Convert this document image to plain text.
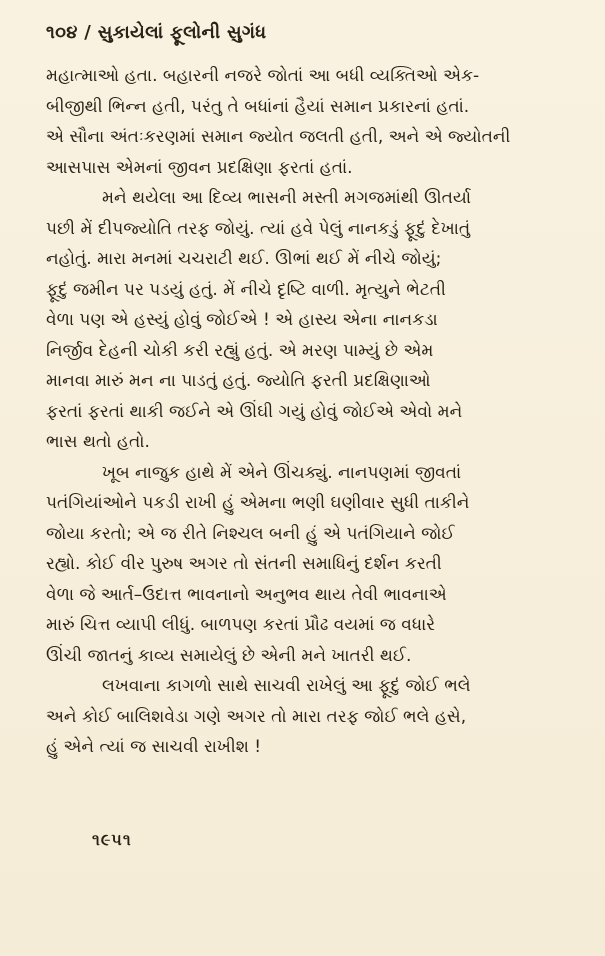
૧૦૪ / સુકાયેલાં ફૂલોની સુગંધ

મહાત્માઓ હતા. બહારની નજરે જોતાં આ બધી વ્યક્તિઓ એક-
બીજીથી ભિન્ન હતી, પરંતુ તે બધાંનાં હૈયાં સમાન પ્રકારનાં હતાં.
એ સૌના અંતઃકરણમાં સમાન જ્યોત જલતી હતી, અને એ જ્યોતની
આસપાસ એમનાં જીવન પ્રદક્ષિણા ફરતાં હતાં.

મને થયેલા આ દિવ્ય ભાસની મસ્તી મગજમાંથી ઊતર્યા
પછી મેં દીપજ્યોતિ તરફ જોયું. ત્યાં હવે પેલું નાનકડું ફૂદું દેખાતું
નહોતું. મારા મનમાં ચચરાટી થઈ. ઊભાં થઈ મેં નીચે જોયું;
ફૂદું જમીન પર પડયું હતું. મેં નીચે દૃષ્ટિ વાળી. મૃત્યુને ભેટતી
વેળા પણ એ હસ્યું હોવું જોઈએ ! એ હાસ્ય એના નાનકડા
નિર્જીવ દેહની ચોકી કરી રહ્યું હતું. એ મરણ પામ્યું છે એમ
માનવા મારું મન ના પાડતું હતું. જ્યોતિ ફરતી પ્રદક્ષિણાઓ
ફરતાં ફરતાં થાકી જઈને એ ઊંઘી ગયું હોવું જોઈએ એવો મને
ભાસ થતો હતો.

ખૂબ નાજુક હાથે મેં એને ઊંચક્યું. નાનપણમાં જીવતાં
પતંગિયાંઓને પકડી રાખી હું એમના ભણી ઘણીવાર સુધી તાકીને
જોયા કરતો; એ જ રીતે નિશ્ચલ બની હું એ પતંગિયાને જોઈ
રહ્યો. કોઈ વીર પુરુષ અગર તો સંતની સમાધિનું દર્શન કરતી
વેળા જે આર્ત–ઉદાત્ત ભાવનાનો અનુભવ થાય તેવી ભાવનાએ
મારું ચિત્ત વ્યાપી લીધું. બાળપણ કરતાં પ્રૌઢ વયમાં જ વધારે
ઊંચી જાતનું કાવ્ય સમાયેલું છે એની મને ખાતરી થઈ.

લખવાના કાગળો સાથે સાચવી રાખેલું આ ફૂદું જોઈ ભલે
અને કોઈ બાલિશવેડા ગણે અગર તો મારા તરફ જોઈ ભલે હસે,
હું એને ત્યાં જ સાચવી રાખીશ !

૧૯૫૧
